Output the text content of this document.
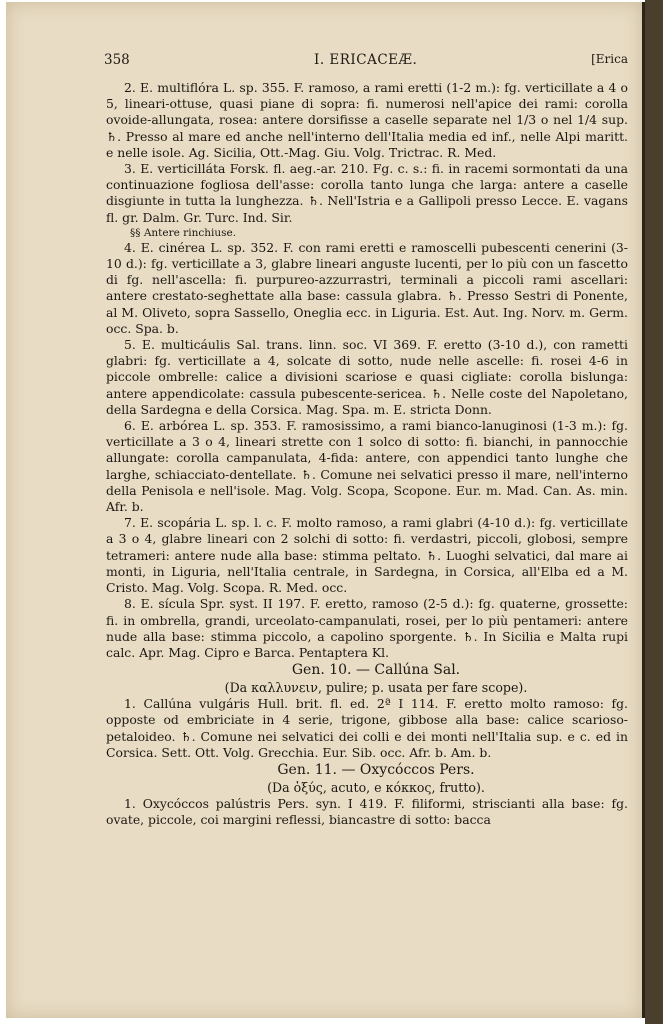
358	I. ERICACEÆ.	[Erica

2. E. multiflóra L. sp. 355. F. ramoso, a rami eretti (1-2 m.): fg. verticillate a 4 o 5, lineari-ottuse, quasi piane di sopra: fi. numerosi nell'apice dei rami: corolla ovoide-allungata, rosea: antere dorsifisse a caselle separate nel 1/3 o nel 1/4 sup. ♄. Presso al mare ed anche nell'interno dell'Italia media ed inf., nelle Alpi maritt. e nelle isole. Ag. Sicilia, Ott.-Mag. Giu. Volg. Trictrac. R. Med.

3. E. verticilláta Forsk. fl. aeg.-ar. 210. Fg. c. s.: fi. in racemi sormontati da una continuazione fogliosa dell'asse: corolla tanto lunga che larga: antere a caselle disgiunte in tutta la lunghezza. ♄. Nell'Istria e a Gallipoli presso Lecce. E. vagans fl. gr. Dalm. Gr. Turc. Ind. Sir.

§§ Antere rinchiuse.

4. E. cinérea L. sp. 352. F. con rami eretti e ramoscelli pubescenti cenerini (3-10 d.): fg. verticillate a 3, glabre lineari anguste lucenti, per lo più con un fascetto di fg. nell'ascella: fi. purpureo-azzurrastri, terminali a piccoli rami ascellari: antere crestato-seghettate alla base: cassula glabra. ♄. Presso Sestri di Ponente, al M. Oliveto, sopra Sassello, Oneglia ecc. in Liguria. Est. Aut. Ing. Norv. m. Germ. occ. Spa. b.

5. E. multicáulis Sal. trans. linn. soc. VI 369. F. eretto (3-10 d.), con rametti glabri: fg. verticillate a 4, solcate di sotto, nude nelle ascelle: fi. rosei 4-6 in piccole ombrelle: calice a divisioni scariose e quasi cigliate: corolla bislunga: antere appendicolate: cassula pubescente-sericea. ♄. Nelle coste del Napoletano, della Sardegna e della Corsica. Mag. Spa. m. E. stricta Donn.

6. E. arbórea L. sp. 353. F. ramosissimo, a rami bianco-lanuginosi (1-3 m.): fg. verticillate a 3 o 4, lineari strette con 1 solco di sotto: fi. bianchi, in pannocchie allungate: corolla campanulata, 4-fida: antere, con appendici tanto lunghe che larghe, schiacciato-dentellate. ♄. Comune nei selvatici presso il mare, nell'interno della Penisola e nell'isole. Mag. Volg. Scopa, Scopone. Eur. m. Mad. Can. As. min. Afr. b.

7. E. scopária L. sp. l. c. F. molto ramoso, a rami glabri (4-10 d.): fg. verticillate a 3 o 4, glabre lineari con 2 solchi di sotto: fi. verdastri, piccoli, globosi, sempre tetrameri: antere nude alla base: stimma peltato. ♄. Luoghi selvatici, dal mare ai monti, in Liguria, nell'Italia centrale, in Sardegna, in Corsica, all'Elba ed a M. Cristo. Mag. Volg. Scopa. R. Med. occ.

8. E. sícula Spr. syst. II 197. F. eretto, ramoso (2-5 d.): fg. quaterne, grossette: fi. in ombrella, grandi, urceolato-campanulati, rosei, per lo più pentameri: antere nude alla base: stimma piccolo, a capolino sporgente. ♄. In Sicilia e Malta rupi calc. Apr. Mag. Cipro e Barca. Pentaptera Kl.

Gen. 10. — Callúna Sal.

(Da καλλυνειν, pulire; p. usata per fare scope).

1. Callúna vulgáris Hull. brit. fl. ed. 2ª I 114. F. eretto molto ramoso: fg. opposte od embriciate in 4 serie, trigone, gibbose alla base: calice scarioso-petaloideo. ♄. Comune nei selvatici dei colli e dei monti nell'Italia sup. e c. ed in Corsica. Sett. Ott. Volg. Grecchia. Eur. Sib. occ. Afr. b. Am. b.

Gen. 11. — Oxycóccos Pers.

(Da ὀξύς, acuto, e κόκκος, frutto).

1. Oxycóccos palústris Pers. syn. I 419. F. filiformi, striscianti alla base: fg. ovate, piccole, coi margini reflessi, biancastre di sotto: bacca
